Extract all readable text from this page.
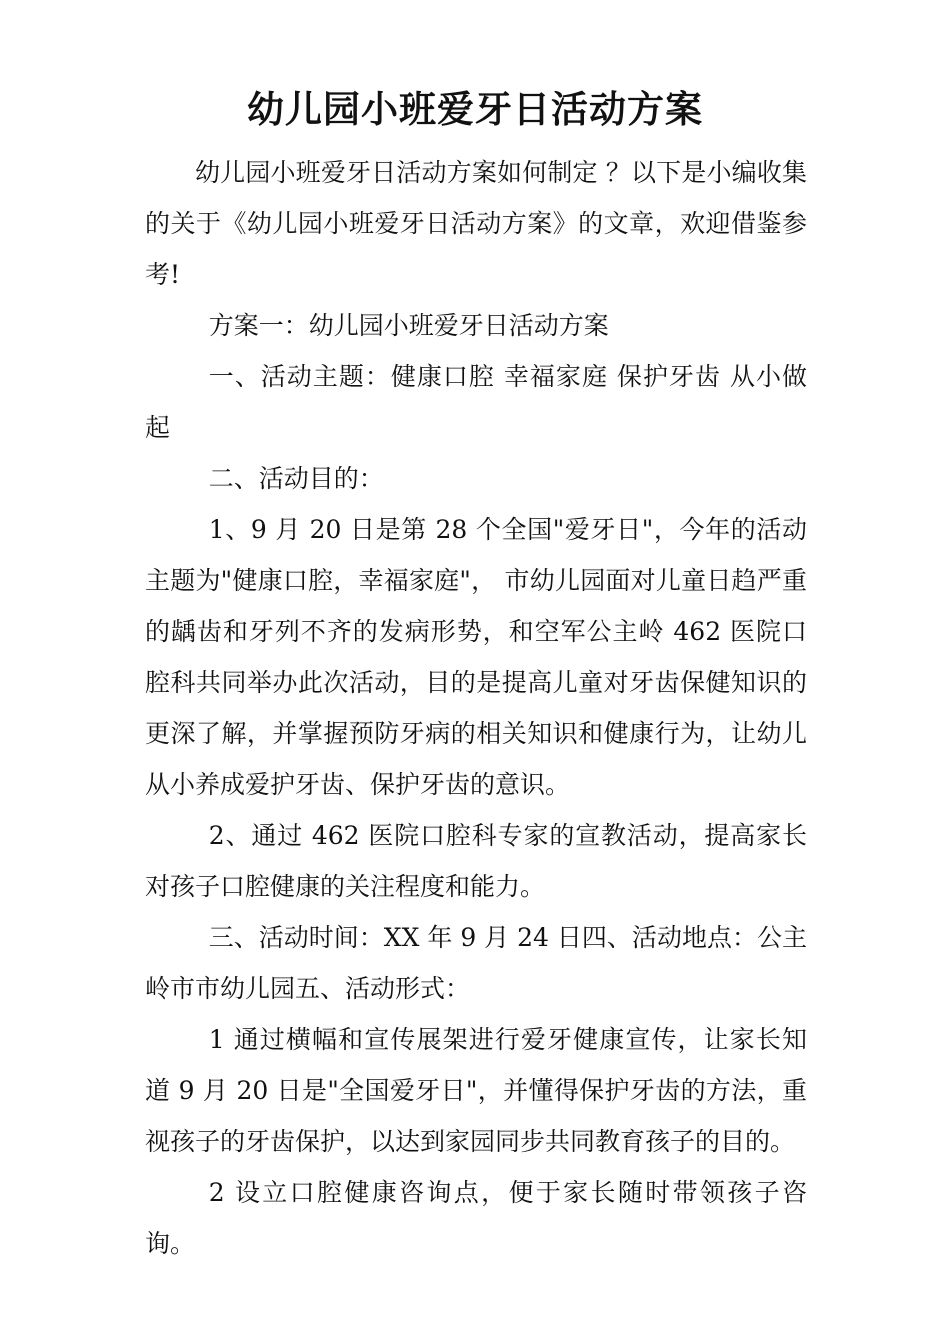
幼儿园小班爱牙日活动方案

幼儿园小班爱牙日活动方案如何制定 ？以下是小编收集的关于《幼儿园小班爱牙日活动方案》的文章，欢迎借鉴参考!

方案一：幼儿园小班爱牙日活动方案

一、活动主题：健康口腔 幸福家庭 保护牙齿 从小做起

二、活动目的：

1、9 月 20 日是第 28 个全国"爱牙日"，今年的活动主题为"健康口腔，幸福家庭"， 市幼儿园面对儿童日趋严重的龋齿和牙列不齐的发病形势，和空军公主岭 462 医院口腔科共同举办此次活动，目的是提高儿童对牙齿保健知识的更深了解，并掌握预防牙病的相关知识和健康行为，让幼儿从小养成爱护牙齿、保护牙齿的意识。

2、通过 462 医院口腔科专家的宣教活动，提高家长对孩子口腔健康的关注程度和能力。

三、活动时间：XX 年 9 月 24 日四、活动地点：公主岭市市幼儿园五、活动形式：

1 通过横幅和宣传展架进行爱牙健康宣传，让家长知道 9 月 20 日是"全国爱牙日"，并懂得保护牙齿的方法，重视孩子的牙齿保护，以达到家园同步共同教育孩子的目的。

2 设立口腔健康咨询点，便于家长随时带领孩子咨询。
